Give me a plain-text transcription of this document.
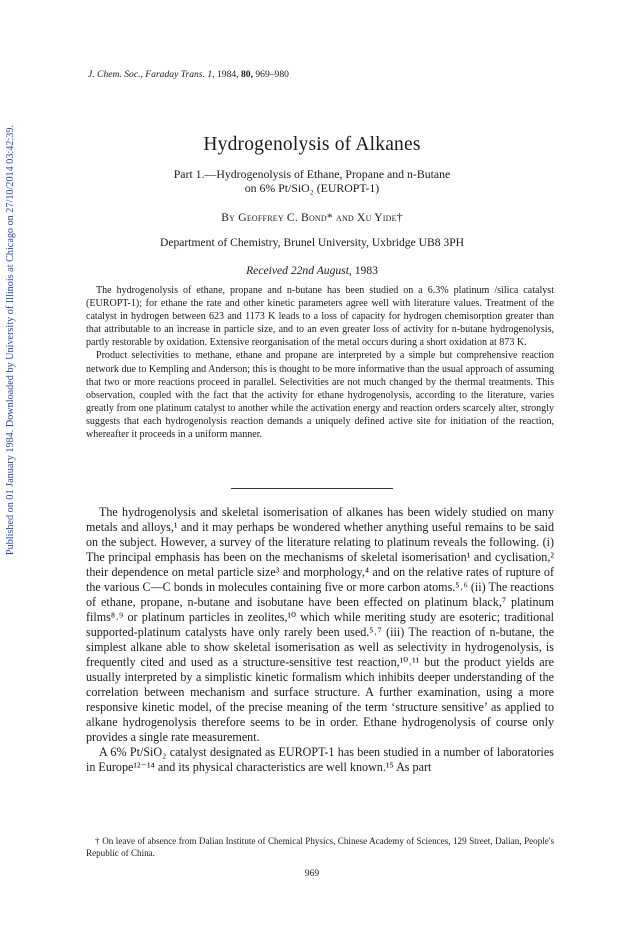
Published on 01 January 1984. Downloaded by University of Illinois at Chicago on 27/10/2014 03:42:39.
J. Chem. Soc., Faraday Trans. 1, 1984, 80, 969–980
Hydrogenolysis of Alkanes
Part 1.—Hydrogenolysis of Ethane, Propane and n-Butane
on 6% Pt/SiO₂ (EUROPT-1)
By Geoffrey C. Bond* and Xu Yide†
Department of Chemistry, Brunel University, Uxbridge UB8 3PH
Received 22nd August, 1983

The hydrogenolysis of ethane, propane and n-butane has been studied on a 6.3% platinum /silica catalyst (EUROPT-1); for ethane the rate and other kinetic parameters agree well with literature values. Treatment of the catalyst in hydrogen between 623 and 1173 K leads to a loss of capacity for hydrogen chemisorption greater than that attributable to an increase in particle size, and to an even greater loss of activity for n-butane hydrogenolysis, partly restorable by oxidation. Extensive reorganisation of the metal occurs during a short oxidation at 873 K.

Product selectivities to methane, ethane and propane are interpreted by a simple but comprehensive reaction network due to Kempling and Anderson; this is thought to be more informative than the usual approach of assuming that two or more reactions proceed in parallel. Selectivities are not much changed by the thermal treatments. This observation, coupled with the fact that the activity for ethane hydrogenolysis, according to the literature, varies greatly from one platinum catalyst to another while the activation energy and reaction orders scarcely alter, strongly suggests that each hydrogenolysis reaction demands a uniquely defined active site for initiation of the reaction, whereafter it proceeds in a uniform manner.

The hydrogenolysis and skeletal isomerisation of alkanes has been widely studied on many metals and alloys,¹ and it may perhaps be wondered whether anything useful remains to be said on the subject. However, a survey of the literature relating to platinum reveals the following. (i) The principal emphasis has been on the mechanisms of skeletal isomerisation¹ and cyclisation,² their dependence on metal particle size³ and morphology,⁴ and on the relative rates of rupture of the various C—C bonds in molecules containing five or more carbon atoms.⁵˒⁶ (ii) The reactions of ethane, propane, n-butane and isobutane have been effected on platinum black,⁷ platinum films⁸˒⁹ or platinum particles in zeolites,¹⁰ which while meriting study are esoteric; traditional supported-platinum catalysts have only rarely been used.⁵˒⁷ (iii) The reaction of n-butane, the simplest alkane able to show skeletal isomerisation as well as selectivity in hydrogenolysis, is frequently cited and used as a structure-sensitive test reaction,¹⁰˒¹¹ but the product yields are usually interpreted by a simplistic kinetic formalism which inhibits deeper understanding of the correlation between mechanism and surface structure. A further examination, using a more responsive kinetic model, of the precise meaning of the term ‘structure sensitive’ as applied to alkane hydrogenolysis therefore seems to be in order. Ethane hydrogenolysis of course only provides a single rate measurement.

A 6% Pt/SiO₂ catalyst designated as EUROPT-1 has been studied in a number of laboratories in Europe¹²⁻¹⁴ and its physical characteristics are well known.¹⁵ As part

† On leave of absence from Dalian Institute of Chemical Physics, Chinese Academy of Sciences, 129 Street, Dalian, People's Republic of China.

969
